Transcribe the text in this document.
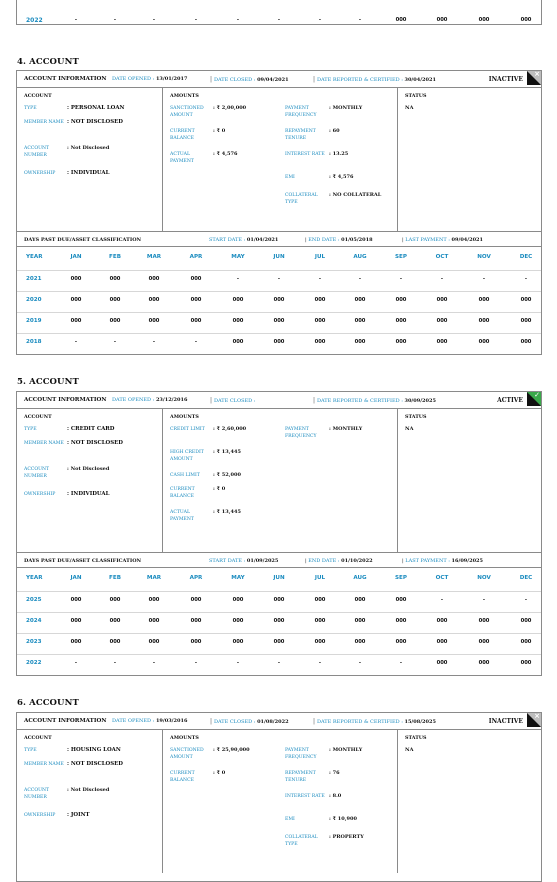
2022	-	-	-	-	-	-	-	-	000	000	000	000
4. ACCOUNT
ACCOUNT INFORMATION DATE OPENED : 13/01/2017	| DATE CLOSED : 09/04/2021	| DATE REPORTED & CERTIFIED : 30/04/2021	INACTIVE
×
ACCOUNT
TYPE	: PERSONAL LOAN
MEMBER NAME : NOT DISCLOSED
ACCOUNT NUMBER
: Not Disclosed
OWNERSHIP	: INDIVIDUAL
AMOUNTS
SANCTIONED AMOUNT
: ₹ 2,00,000
CURRENT BALANCE
: ₹ 0
ACTUAL PAYMENT
: ₹ 4,576
PAYMENT FREQUENCY
: MONTHLY
REPAYMENT TENURE
: 60
INTEREST RATE : 13.25
EMI	: ₹ 4,576
COLLATERAL TYPE
: NO COLLATERAL
STATUS
NA
DAYS PAST DUE/ASSET CLASSIFICATION	START DATE : 01/04/2021	| END DATE : 01/05/2018	| LAST PAYMENT : 09/04/2021
YEAR	JAN	FEB	MAR	APR	MAY	JUN	JUL	AUG	SEP	OCT	NOV	DEC
2021	000	000	000	000	-	-	-	-	-	-	-	-
2020	000	000	000	000	000	000	000	000	000	000	000	000
2019	000	000	000	000	000	000	000	000	000	000	000	000
2018	-	-	-	-	000	000	000	000	000	000	000	000
5. ACCOUNT
ACCOUNT INFORMATION DATE OPENED : 23/12/2016	| DATE CLOSED :	| DATE REPORTED & CERTIFIED : 30/09/2025	ACTIVE
✓
ACCOUNT
TYPE	: CREDIT CARD
MEMBER NAME : NOT DISCLOSED
ACCOUNT NUMBER
: Not Disclosed
OWNERSHIP	: INDIVIDUAL
AMOUNTS
CREDIT LIMIT	: ₹ 2,60,000
HIGH CREDIT AMOUNT
: ₹ 13,445
CASH LIMIT	: ₹ 52,000
CURRENT BALANCE
: ₹ 0
ACTUAL PAYMENT
: ₹ 13,445
PAYMENT FREQUENCY
: MONTHLY
STATUS
NA
DAYS PAST DUE/ASSET CLASSIFICATION	START DATE : 01/09/2025	| END DATE : 01/10/2022	| LAST PAYMENT : 16/09/2025
YEAR	JAN	FEB	MAR	APR	MAY	JUN	JUL	AUG	SEP	OCT	NOV	DEC
2025	000	000	000	000	000	000	000	000	000	-	-	-
2024	000	000	000	000	000	000	000	000	000	000	000	000
2023	000	000	000	000	000	000	000	000	000	000	000	000
2022	-	-	-	-	-	-	-	-	-	000	000	000
6. ACCOUNT
ACCOUNT INFORMATION DATE OPENED : 19/03/2016	| DATE CLOSED : 01/08/2022	| DATE REPORTED & CERTIFIED : 15/08/2025	INACTIVE
×
ACCOUNT
TYPE	: HOUSING LOAN
MEMBER NAME : NOT DISCLOSED
ACCOUNT NUMBER
: Not Disclosed
OWNERSHIP	: JOINT
AMOUNTS
SANCTIONED AMOUNT
: ₹ 25,90,000
CURRENT BALANCE
: ₹ 0
PAYMENT FREQUENCY
: MONTHLY
REPAYMENT TENURE
: 76
INTEREST RATE : 8.0
EMI	: ₹ 10,900
COLLATERAL TYPE
: PROPERTY
STATUS
NA
